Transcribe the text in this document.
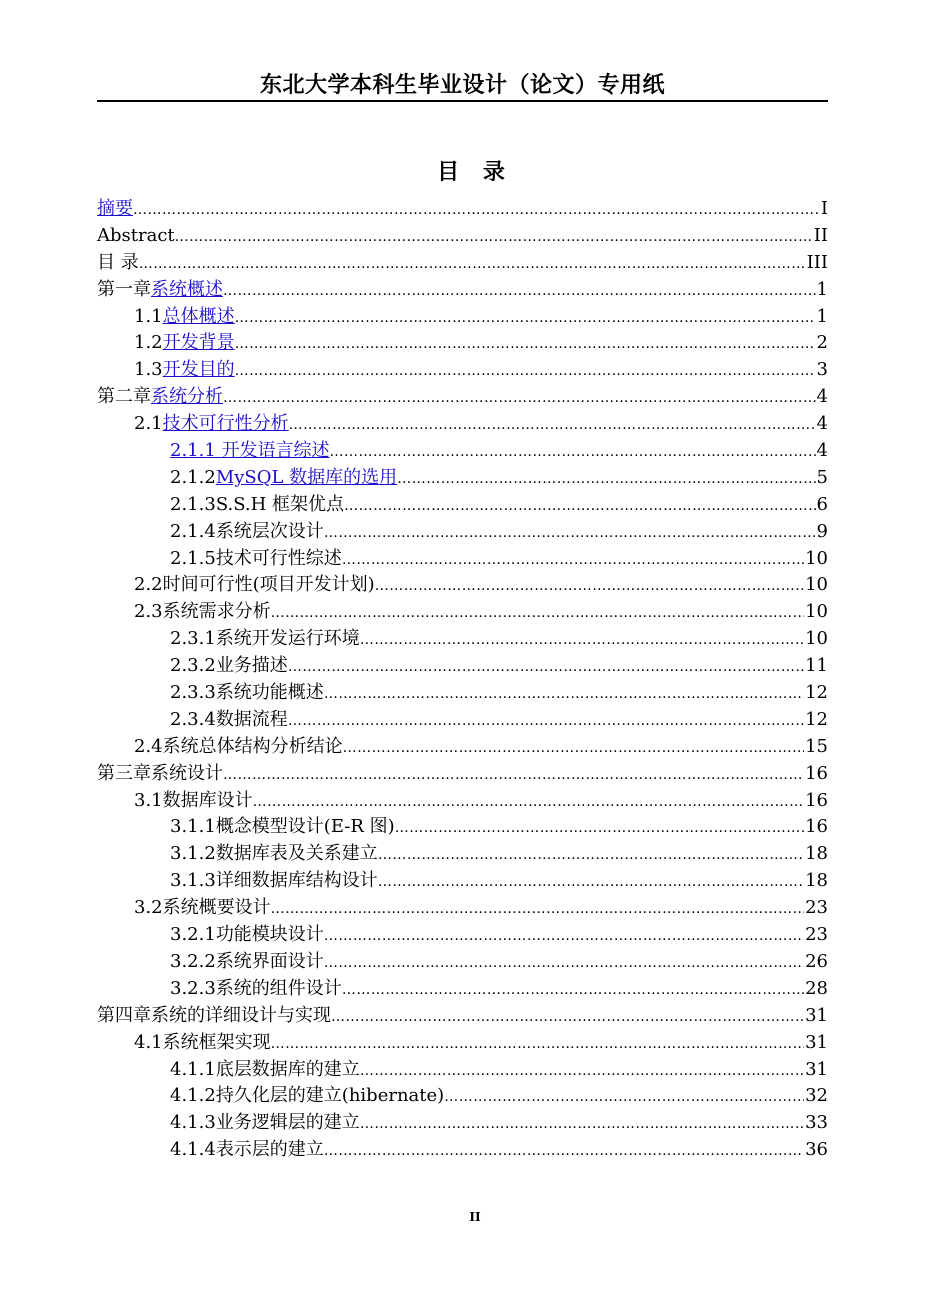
东北大学本科生毕业设计（论文）专用纸
目 录
摘要 ……………………………………………………………………………………………………………………………………………………………	I
Abstract ……………………………………………………………………………………………………………………………………………………………	II
目 录 ……………………………………………………………………………………………………………………………………………………………	III
第一章 系统概述 ……………………………………………………………………………………………………………………………………………………………	1
1.1 总体概述 ……………………………………………………………………………………………………………………………………………………………	1
1.2 开发背景 ……………………………………………………………………………………………………………………………………………………………	2
1.3 开发目的 ……………………………………………………………………………………………………………………………………………………………	3
第二章 系统分析 ……………………………………………………………………………………………………………………………………………………………	4
2.1 技术可行性分析 ……………………………………………………………………………………………………………………………………………………………	4
2.1.1 开发语言综述 ……………………………………………………………………………………………………………………………………………………………	4
2.1.2 MySQL 数据库的选用 ……………………………………………………………………………………………………………………………………………………………	5
2.1.3 S.S.H 框架优点 ……………………………………………………………………………………………………………………………………………………………	6
2.1.4 系统层次设计 ……………………………………………………………………………………………………………………………………………………………	9
2.1.5 技术可行性综述 ……………………………………………………………………………………………………………………………………………………………	10
2.2 时间可行性(项目开发计划) ……………………………………………………………………………………………………………………………………………………………	10
2.3 系统需求分析 ……………………………………………………………………………………………………………………………………………………………	10
2.3.1 系统开发运行环境 ……………………………………………………………………………………………………………………………………………………………	10
2.3.2 业务描述 ……………………………………………………………………………………………………………………………………………………………	11
2.3.3 系统功能概述 ……………………………………………………………………………………………………………………………………………………………	12
2.3.4 数据流程 ……………………………………………………………………………………………………………………………………………………………	12
2.4 系统总体结构分析结论 ……………………………………………………………………………………………………………………………………………………………	15
第三章 系统设计 ……………………………………………………………………………………………………………………………………………………………	16
3.1 数据库设计 ……………………………………………………………………………………………………………………………………………………………	16
3.1.1 概念模型设计(E-R 图) ……………………………………………………………………………………………………………………………………………………………	16
3.1.2 数据库表及关系建立 ……………………………………………………………………………………………………………………………………………………………	18
3.1.3 详细数据库结构设计 ……………………………………………………………………………………………………………………………………………………………	18
3.2 系统概要设计 ……………………………………………………………………………………………………………………………………………………………	23
3.2.1 功能模块设计 ……………………………………………………………………………………………………………………………………………………………	23
3.2.2 系统界面设计 ……………………………………………………………………………………………………………………………………………………………	26
3.2.3 系统的组件设计 ……………………………………………………………………………………………………………………………………………………………	28
第四章 系统的详细设计与实现 ……………………………………………………………………………………………………………………………………………………………	31
4.1 系统框架实现 ……………………………………………………………………………………………………………………………………………………………	31
4.1.1 底层数据库的建立 ……………………………………………………………………………………………………………………………………………………………	31
4.1.2 持久化层的建立(hibernate) ……………………………………………………………………………………………………………………………………………………………	32
4.1.3 业务逻辑层的建立 ……………………………………………………………………………………………………………………………………………………………	33
4.1.4 表示层的建立 ……………………………………………………………………………………………………………………………………………………………	36
II
